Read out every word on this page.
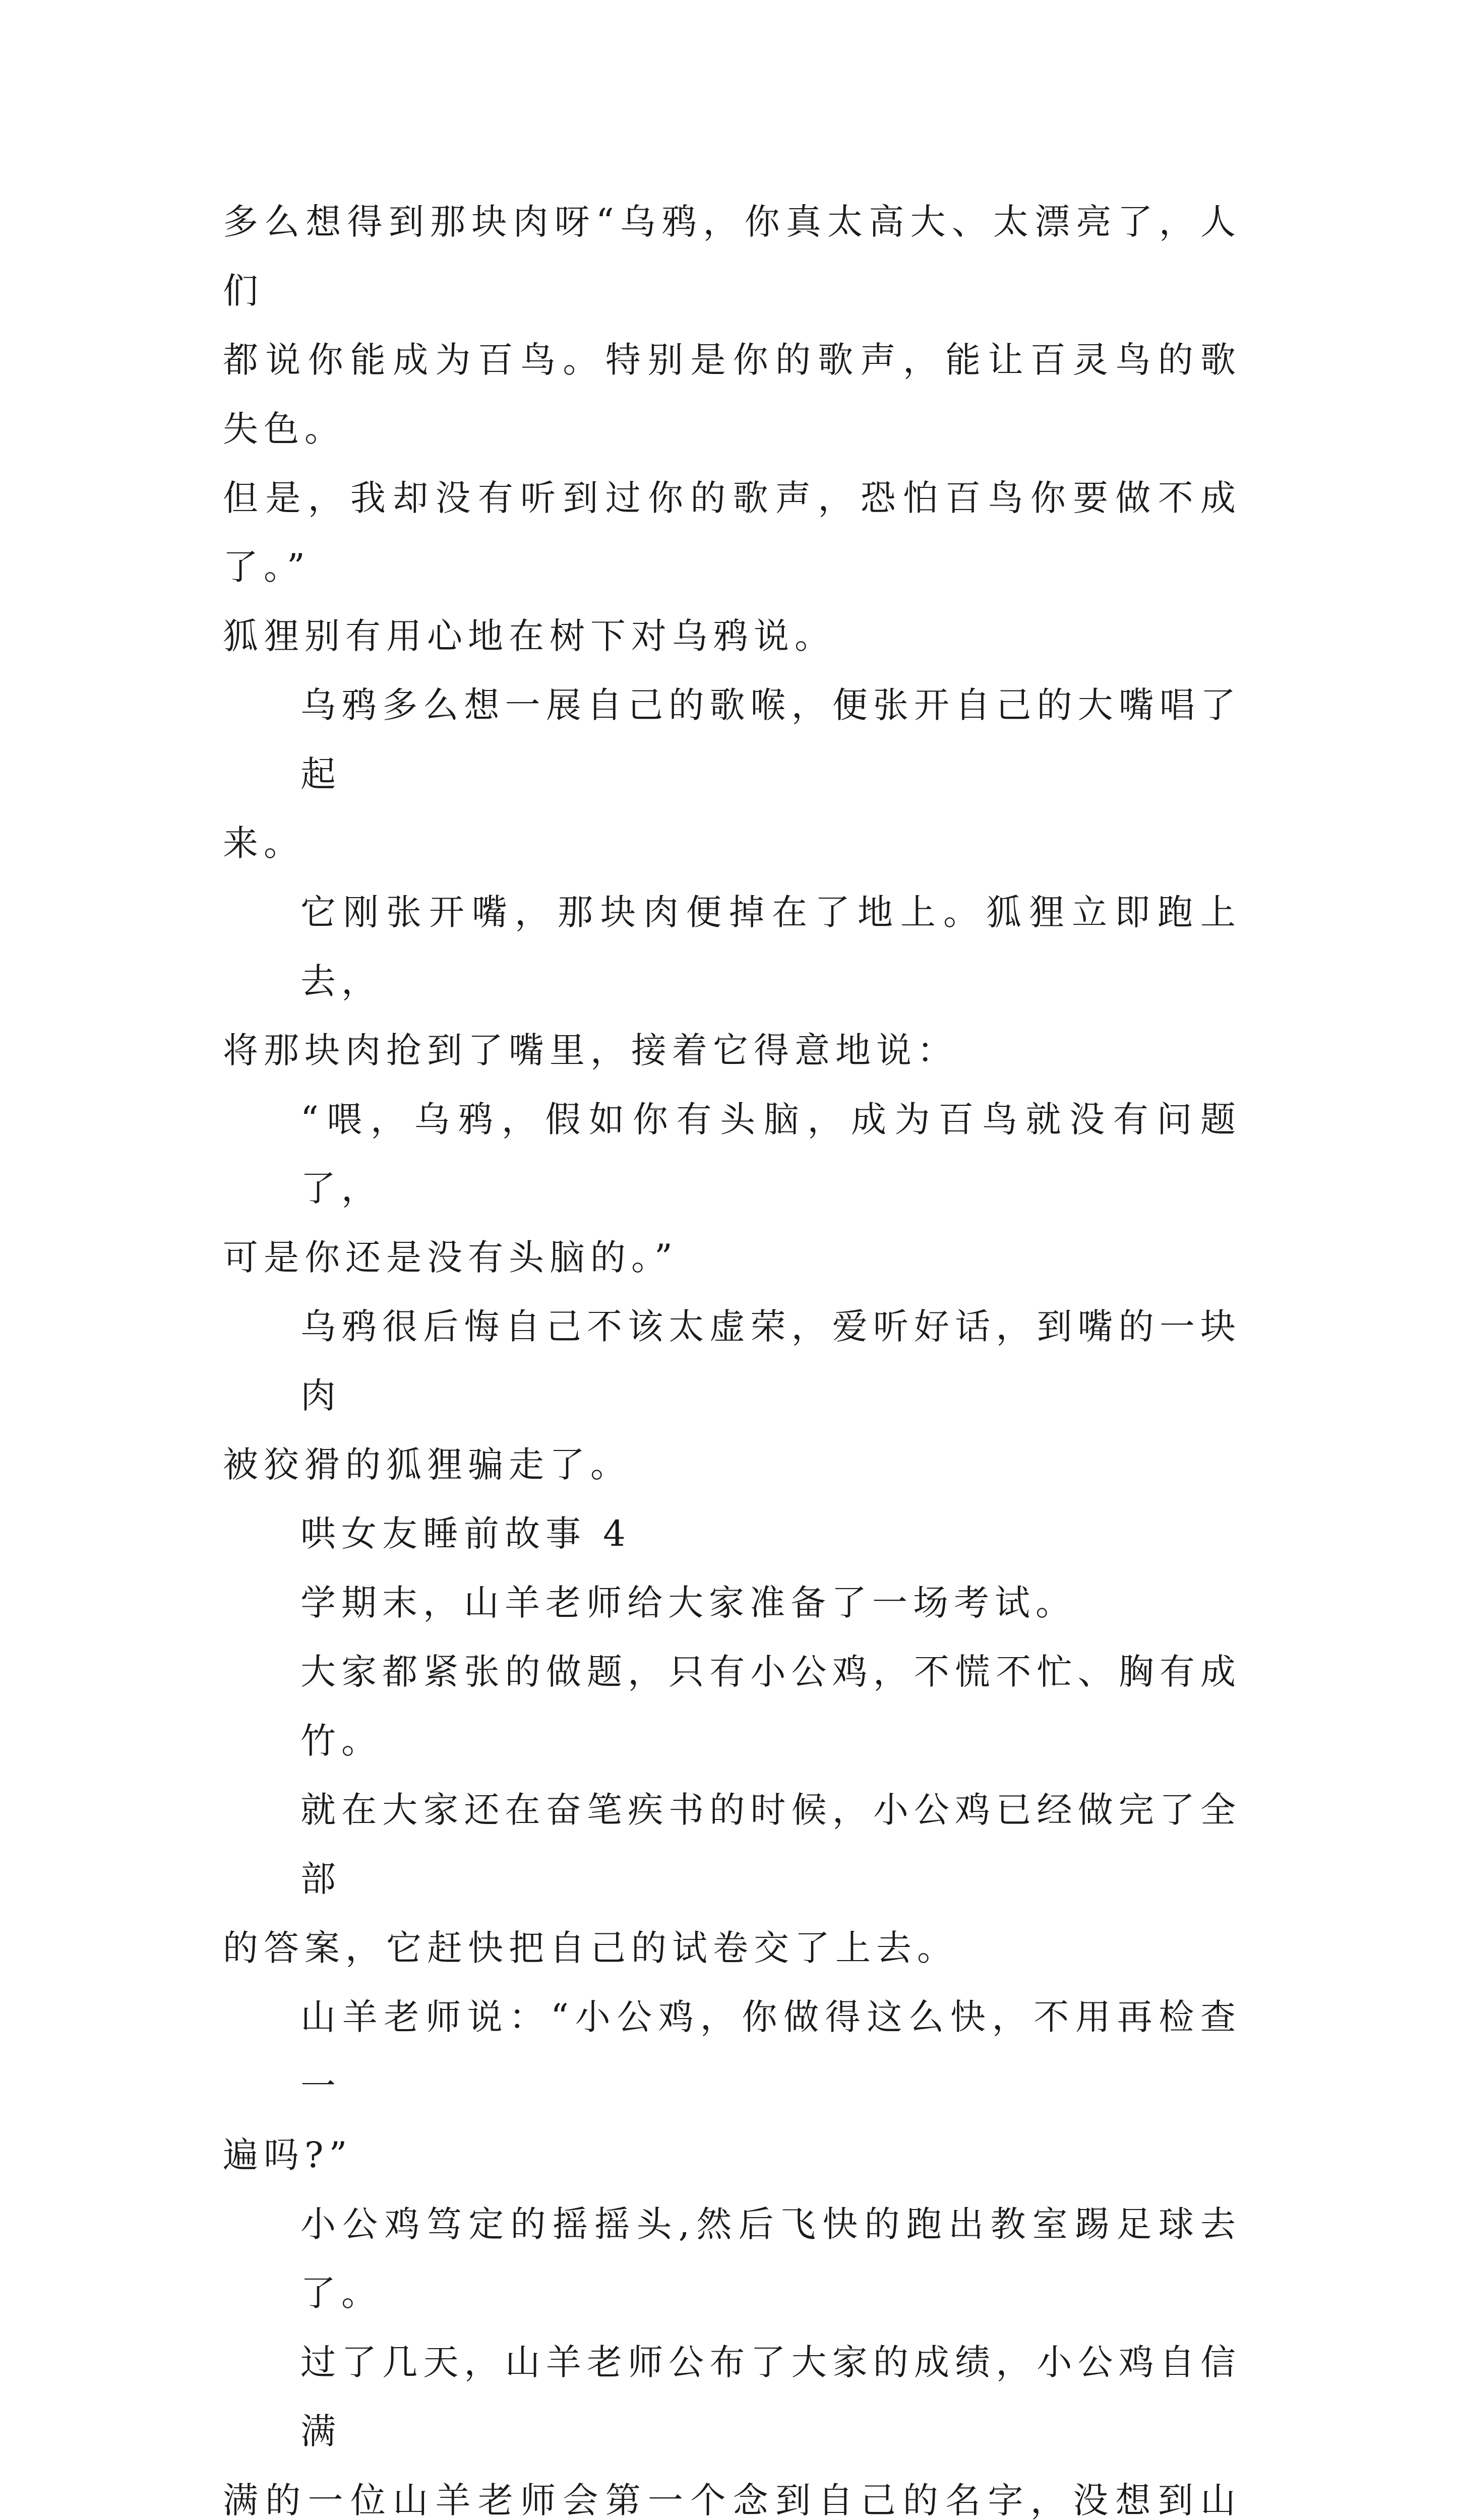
多么想得到那块肉呀“乌鸦，你真太高大、太漂亮了，人们
都说你能成为百鸟。特别是你的歌声，能让百灵鸟的歌失色。
但是，我却没有听到过你的歌声，恐怕百鸟你要做不成了。”
狐狸别有用心地在树下对乌鸦说。

乌鸦多么想一展自己的歌喉，便张开自己的大嘴唱了起
来。

它刚张开嘴，那块肉便掉在了地上。狐狸立即跑上去，
将那块肉抢到了嘴里，接着它得意地说：

“喂，乌鸦，假如你有头脑，成为百鸟就没有问题了，
可是你还是没有头脑的。”

乌鸦很后悔自己不该太虚荣，爱听好话，到嘴的一块肉
被狡猾的狐狸骗走了。

哄女友睡前故事 4

学期末，山羊老师给大家准备了一场考试。

大家都紧张的做题，只有小公鸡，不慌不忙、胸有成竹。

就在大家还在奋笔疾书的时候，小公鸡已经做完了全部
的答案，它赶快把自己的试卷交了上去。

山羊老师说：“小公鸡，你做得这么快，不用再检查一
遍吗?”

小公鸡笃定的摇摇头,然后飞快的跑出教室踢足球去了。

过了几天，山羊老师公布了大家的成绩，小公鸡自信满
满的一位山羊老师会第一个念到自己的名字，没想到山
